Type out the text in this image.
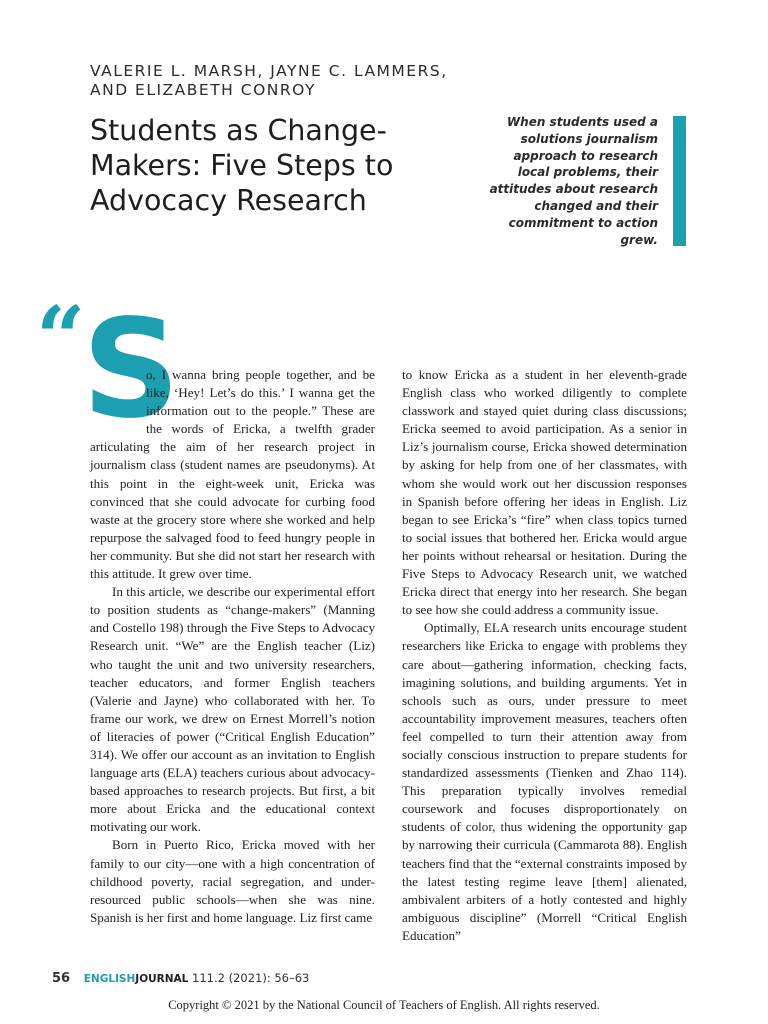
VALERIE L. MARSH, JAYNE C. LAMMERS, AND ELIZABETH CONROY
Students as Change-Makers: Five Steps to Advocacy Research
When students used a solutions journalism approach to research local problems, their attitudes about research changed and their commitment to action grew.
“
S

o, I wanna bring people together, and be like, ‘Hey! Let’s do this.’ I wanna get the information out to the people.” These are the words of Ericka, a twelfth grader articulating the aim of her research project in journalism class (student names are pseudonyms). At this point in the eight-week unit, Ericka was convinced that she could advocate for curbing food waste at the grocery store where she worked and help repurpose the salvaged food to feed hungry people in her community. But she did not start her research with this attitude. It grew over time.

In this article, we describe our experimental effort to position students as “change-makers” (Manning and Costello 198) through the Five Steps to Advocacy Research unit. “We” are the English teacher (Liz) who taught the unit and two university researchers, teacher educators, and former English teachers (Valerie and Jayne) who collaborated with her. To frame our work, we drew on Ernest Morrell’s notion of literacies of power (“Critical English Education” 314). We offer our account as an invitation to English language arts (ELA) teachers curious about advocacy-based approaches to research projects. But first, a bit more about Ericka and the educational context motivating our work.

Born in Puerto Rico, Ericka moved with her family to our city—one with a high concentration of childhood poverty, racial segregation, and under-resourced public schools—when she was nine. Spanish is her first and home language. Liz first came

to know Ericka as a student in her eleventh-grade English class who worked diligently to complete classwork and stayed quiet during class discussions; Ericka seemed to avoid participation. As a senior in Liz’s journalism course, Ericka showed determination by asking for help from one of her classmates, with whom she would work out her discussion responses in Spanish before offering her ideas in English. Liz began to see Ericka’s “fire” when class topics turned to social issues that bothered her. Ericka would argue her points without rehearsal or hesitation. During the Five Steps to Advocacy Research unit, we watched Ericka direct that energy into her research. She began to see how she could address a community issue.

Optimally, ELA research units encourage student researchers like Ericka to engage with problems they care about—gathering information, checking facts, imagining solutions, and building arguments. Yet in schools such as ours, under pressure to meet accountability improvement measures, teachers often feel compelled to turn their attention away from socially conscious instruction to prepare students for standardized assessments (Tienken and Zhao 114). This preparation typically involves remedial coursework and focuses disproportionately on students of color, thus widening the opportunity gap by narrowing their curricula (Cammarota 88). English teachers find that the “external constraints imposed by the latest testing regime leave [them] alienated, ambivalent arbiters of a hotly contested and highly ambiguous discipline” (Morrell “Critical English Education”

56 ENGLISHJOURNAL 111.2 (2021): 56–63
Copyright © 2021 by the National Council of Teachers of English. All rights reserved.
